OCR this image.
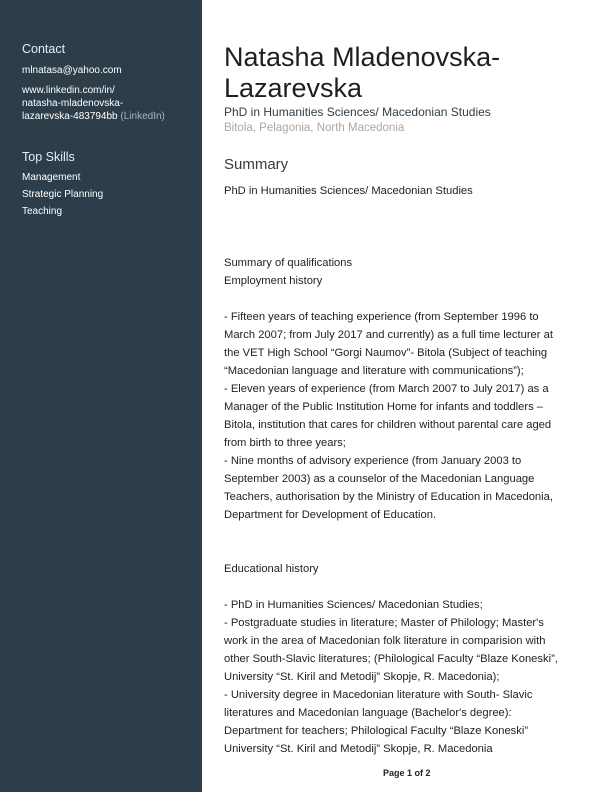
Contact

mlnatasa@yahoo.com

www.linkedin.com/in/

natasha-mladenovska-

lazarevska-483794bb (LinkedIn)

Top Skills

Management

Strategic Planning

Teaching

Natasha Mladenovska-
Lazarevska

PhD in Humanities Sciences/ Macedonian Studies

Bitola, Pelagonia, North Macedonia

Summary

PhD in Humanities Sciences/ Macedonian Studies

Summary of qualifications

Employment history

- Fifteen years of teaching experience (from September 1996 to
March 2007; from July 2017 and currently) as a full time lecturer at
the VET High School “Gorgi Naumov”- Bitola (Subject of teaching
“Macedonian language and literature with communications”);
- Eleven years of experience (from March 2007 to July 2017) as a
Manager of the Public Institution Home for infants and toddlers –
Bitola, institution that cares for children without parental care aged
from birth to three years;
- Nine months of advisory experience (from January 2003 to
September 2003) as a counselor of the Macedonian Language
Teachers, authorisation by the Ministry of Education in Macedonia,
Department for Development of Education.

Educational history

- PhD in Humanities Sciences/ Macedonian Studies;
- Postgraduate studies in literature; Master of Philology; Master's
work in the area of Macedonian folk literature in comparision with
other South-Slavic literatures; (Philological Faculty “Blaze Koneski”,
University “St. Kiril and Metodij” Skopje, R. Macedonia);
- University degree in Macedonian literature with South- Slavic
literatures and Macedonian language (Bachelor's degree):
Department for teachers; Philological Faculty “Blaze Koneski”
University “St. Kiril and Metodij” Skopje, R. Macedonia
Page 1 of 2
